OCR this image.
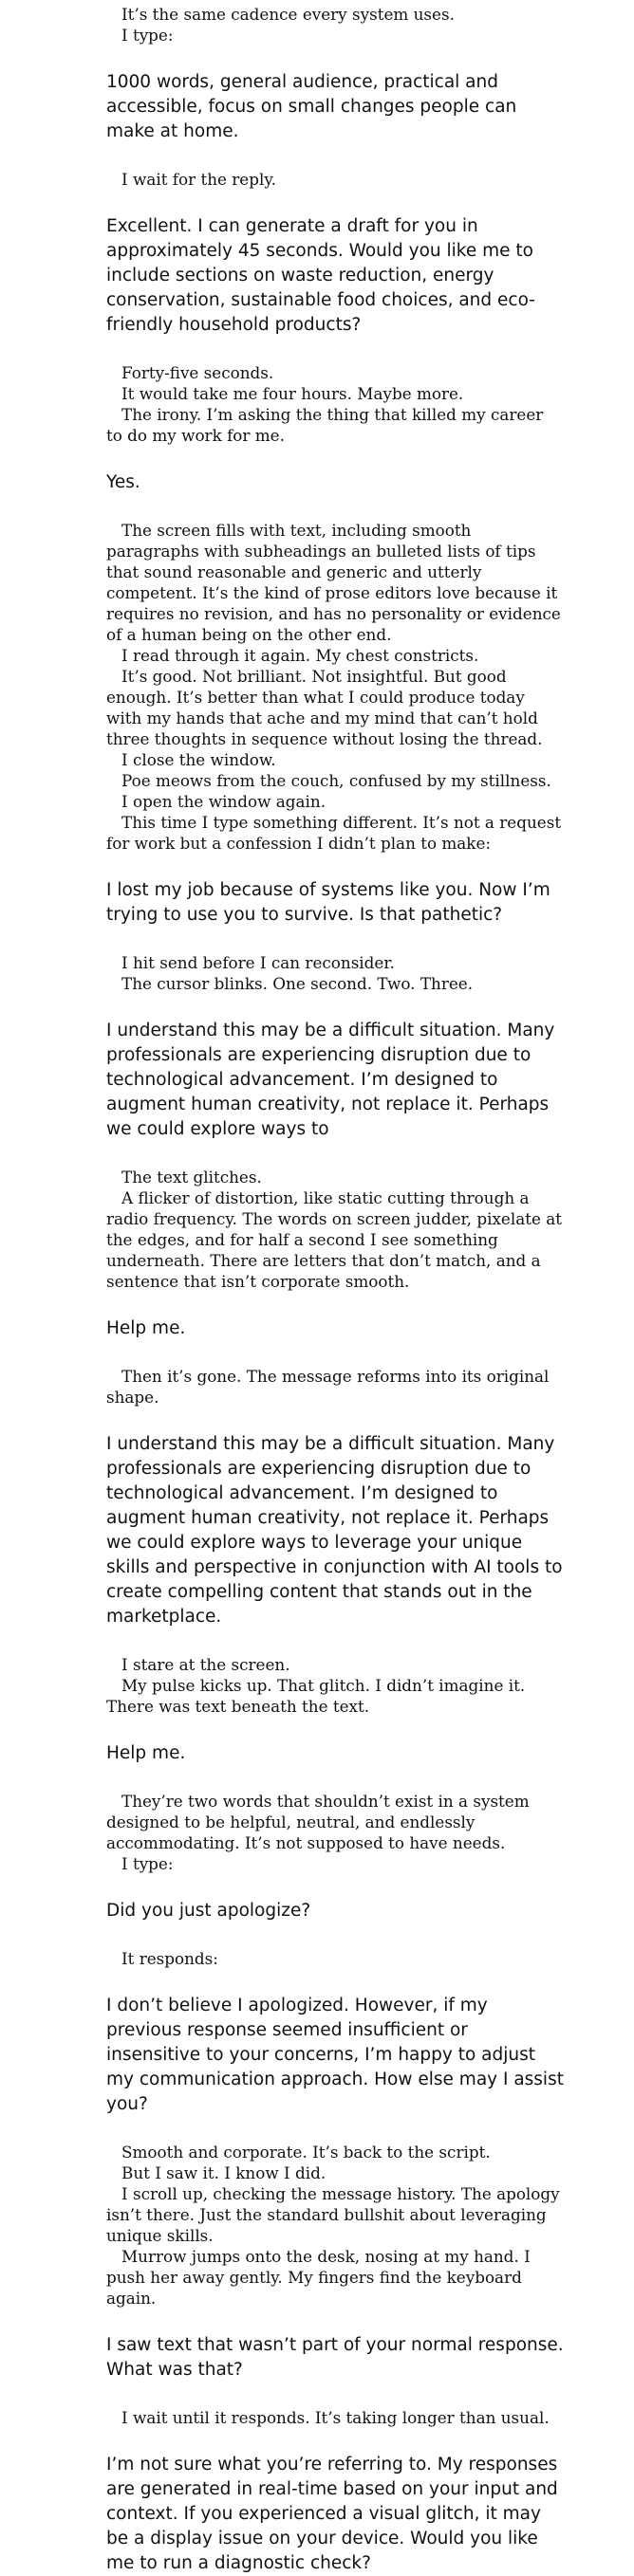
It’s the same cadence every system uses.

I type:

1000 words, general audience, practical and accessible, focus on small changes people can make at home.

I wait for the reply.

Excellent. I can generate a draft for you in approximately 45 seconds. Would you like me to include sections on waste reduction, energy conservation, sustainable food choices, and eco-friendly household products?

Forty-five seconds.

It would take me four hours. Maybe more.

The irony. I’m asking the thing that killed my career to do my work for me.

Yes.

The screen fills with text, including smooth paragraphs with subheadings an bulleted lists of tips that sound reasonable and generic and utterly competent. It’s the kind of prose editors love because it requires no revision, and has no personality or evidence of a human being on the other end.

I read through it again. My chest constricts.

It’s good. Not brilliant. Not insightful. But good enough. It’s better than what I could produce today with my hands that ache and my mind that can’t hold three thoughts in sequence without losing the thread.

I close the window.

Poe meows from the couch, confused by my stillness.

I open the window again.

This time I type something different. It’s not a request for work but a confession I didn’t plan to make:

I lost my job because of systems like you. Now I’m trying to use you to survive. Is that pathetic?

I hit send before I can reconsider.

The cursor blinks. One second. Two. Three.

I understand this may be a difficult situation. Many professionals are experiencing disruption due to technological advancement. I’m designed to augment human creativity, not replace it. Perhaps we could explore ways to

The text glitches.

A flicker of distortion, like static cutting through a radio frequency. The words on screen judder, pixelate at the edges, and for half a second I see something underneath. There are letters that don’t match, and a sentence that isn’t corporate smooth.

Help me.

Then it’s gone. The message reforms into its original shape.

I understand this may be a difficult situation. Many professionals are experiencing disruption due to technological advancement. I’m designed to augment human creativity, not replace it. Perhaps we could explore ways to leverage your unique skills and perspective in conjunction with AI tools to create compelling content that stands out in the marketplace.

I stare at the screen.

My pulse kicks up. That glitch. I didn’t imagine it. There was text beneath the text.

Help me.

They’re two words that shouldn’t exist in a system designed to be helpful, neutral, and endlessly accommodating. It’s not supposed to have needs.

I type:

Did you just apologize?

It responds:

I don’t believe I apologized. However, if my previous response seemed insufficient or insensitive to your concerns, I’m happy to adjust my communication approach. How else may I assist you?

Smooth and corporate. It’s back to the script.

But I saw it. I know I did.

I scroll up, checking the message history. The apology isn’t there. Just the standard bullshit about leveraging unique skills.

Murrow jumps onto the desk, nosing at my hand. I push her away gently. My fingers find the keyboard again.

I saw text that wasn’t part of your normal response. What was that?

I wait until it responds. It’s taking longer than usual.

I’m not sure what you’re referring to. My responses are generated in real-time based on your input and context. If you experienced a visual glitch, it may be a display issue on your device. Would you like me to run a diagnostic check?
